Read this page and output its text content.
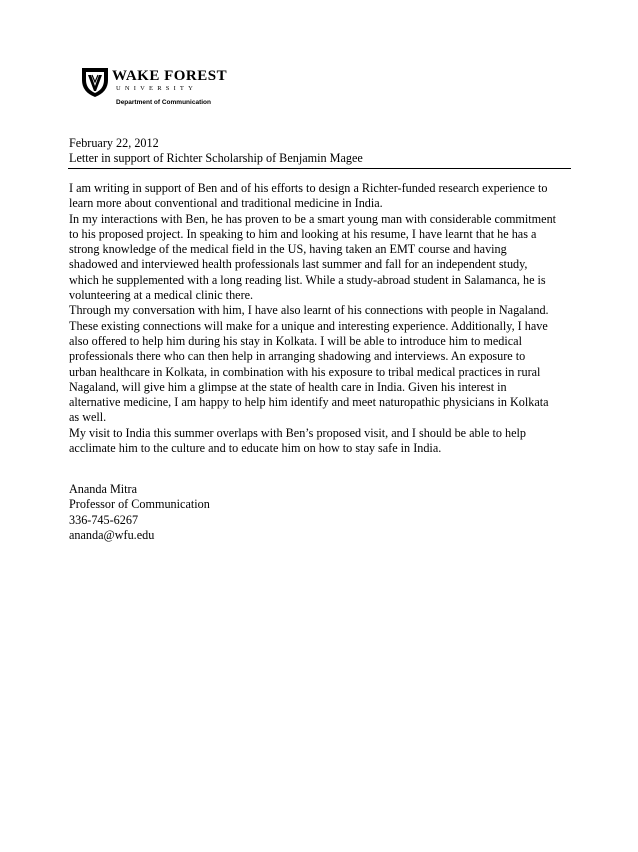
WAKE FOREST
UNIVERSITY
Department of Communication
February 22, 2012
Letter in support of Richter Scholarship of Benjamin Magee
I am writing in support of Ben and of his efforts to design a Richter-funded research experience to
learn more about conventional and traditional medicine in India.
In my interactions with Ben, he has proven to be a smart young man with considerable commitment
to his proposed project. In speaking to him and looking at his resume, I have learnt that he has a
strong knowledge of the medical field in the US, having taken an EMT course and having
shadowed and interviewed health professionals last summer and fall for an independent study,
which he supplemented with a long reading list. While a study-abroad student in Salamanca, he is
volunteering at a medical clinic there.
Through my conversation with him, I have also learnt of his connections with people in Nagaland.
These existing connections will make for a unique and interesting experience. Additionally, I have
also offered to help him during his stay in Kolkata. I will be able to introduce him to medical
professionals there who can then help in arranging shadowing and interviews. An exposure to
urban healthcare in Kolkata, in combination with his exposure to tribal medical practices in rural
Nagaland, will give him a glimpse at the state of health care in India. Given his interest in
alternative medicine, I am happy to help him identify and meet naturopathic physicians in Kolkata
as well.
My visit to India this summer overlaps with Ben’s proposed visit, and I should be able to help
acclimate him to the culture and to educate him on how to stay safe in India.
Ananda Mitra
Professor of Communication
336-745-6267
ananda@wfu.edu
